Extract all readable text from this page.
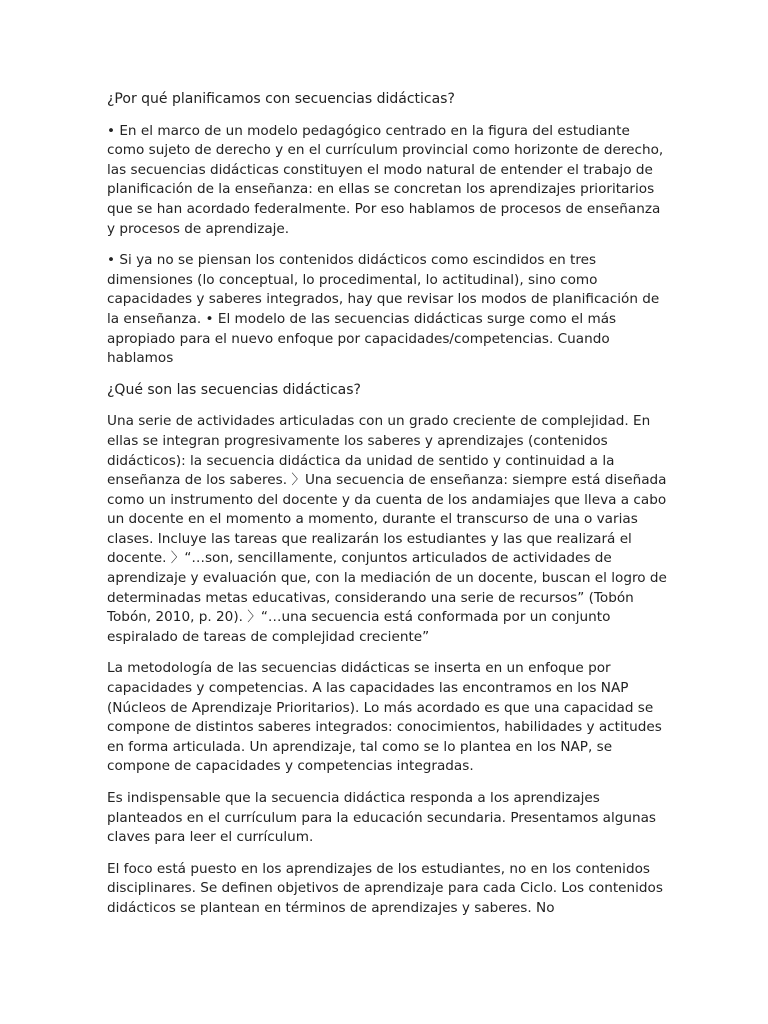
¿Por qué planificamos con secuencias didácticas?

• En el marco de un modelo pedagógico centrado en la figura del estudiante como sujeto de derecho y en el currículum provincial como horizonte de derecho, las secuencias didácticas constituyen el modo natural de entender el trabajo de planificación de la enseñanza: en ellas se concretan los aprendizajes prioritarios que se han acordado federalmente. Por eso hablamos de procesos de enseñanza y procesos de aprendizaje.

• Si ya no se piensan los contenidos didácticos como escindidos en tres dimensiones (lo conceptual, lo procedimental, lo actitudinal), sino como capacidades y saberes integrados, hay que revisar los modos de planificación de la enseñanza. • El modelo de las secuencias didácticas surge como el más apropiado para el nuevo enfoque por capacidades/competencias. Cuando hablamos

¿Qué son las secuencias didácticas?

Una serie de actividades articuladas con un grado creciente de complejidad. En ellas se integran progresivamente los saberes y aprendizajes (contenidos didácticos): la secuencia didáctica da unidad de sentido y continuidad a la enseñanza de los saberes. 〉Una secuencia de enseñanza: siempre está diseñada como un instrumento del docente y da cuenta de los andamiajes que lleva a cabo un docente en el momento a momento, durante el transcurso de una o varias clases. Incluye las tareas que realizarán los estudiantes y las que realizará el docente. 〉“…son, sencillamente, conjuntos articulados de actividades de aprendizaje y evaluación que, con la mediación de un docente, buscan el logro de determinadas metas educativas, considerando una serie de recursos” (Tobón Tobón, 2010, p. 20). 〉“…una secuencia está conformada por un conjunto espiralado de tareas de complejidad creciente”

La metodología de las secuencias didácticas se inserta en un enfoque por capacidades y competencias. A las capacidades las encontramos en los NAP (Núcleos de Aprendizaje Prioritarios). Lo más acordado es que una capacidad se compone de distintos saberes integrados: conocimientos, habilidades y actitudes en forma articulada. Un aprendizaje, tal como se lo plantea en los NAP, se compone de capacidades y competencias integradas.

Es indispensable que la secuencia didáctica responda a los aprendizajes planteados en el currículum para la educación secundaria. Presentamos algunas claves para leer el currículum.

El foco está puesto en los aprendizajes de los estudiantes, no en los contenidos disciplinares. Se definen objetivos de aprendizaje para cada Ciclo. Los contenidos didácticos se plantean en términos de aprendizajes y saberes. No
